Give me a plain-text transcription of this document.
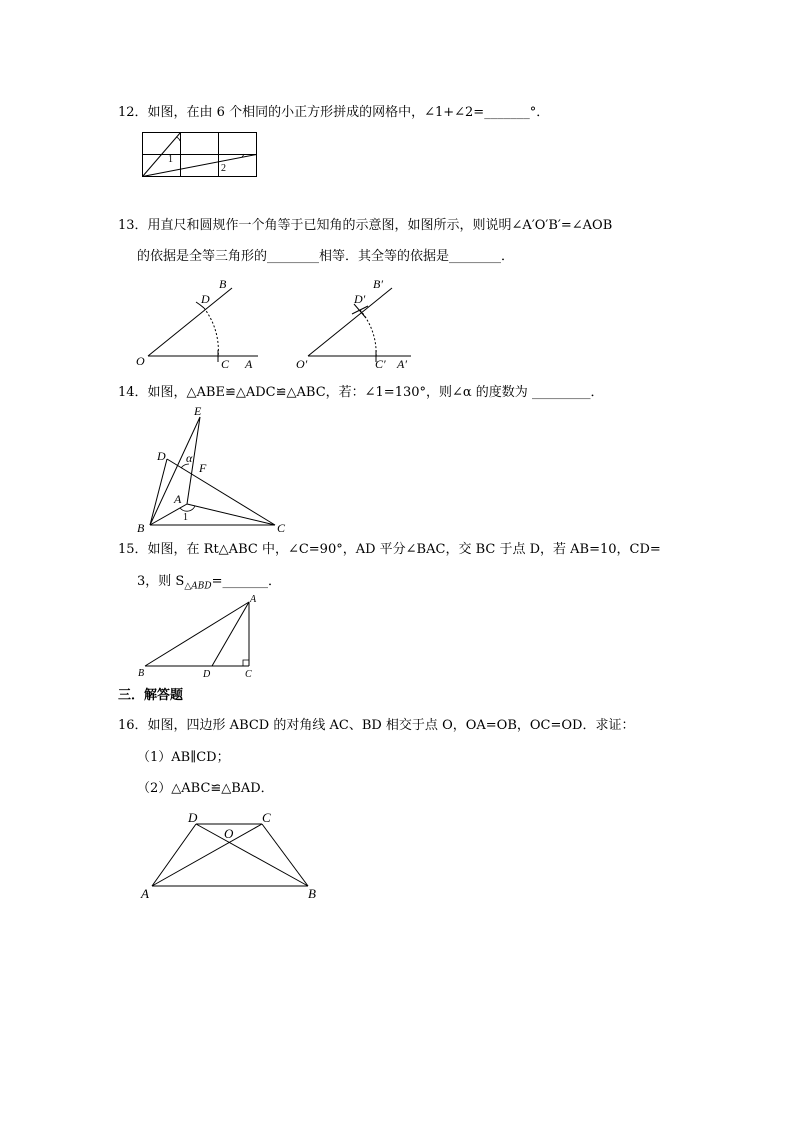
12．如图，在由 6 个相同的小正方形拼成的网格中，∠1+∠2=_______°．
1
2
13．用直尺和圆规作一个角等于已知角的示意图，如图所示，则说明∠A′O′B′=∠AOB
的依据是全等三角形的________相等．其全等的依据是________．
B
D
O	C A
B′
D′
O′	C′ A′
14．如图，△ABE≌△ADC≌△ABC，若：∠1=130°，则∠α 的度数为 _________．
E
D α
F
A
1
B	C
15．如图，在 Rt△ABC 中，∠C=90°，AD 平分∠BAC，交 BC 于点 D，若 AB=10，CD=
3，则 $S_{\triangle ABD}=\_\_\_\_\_\_\_$．
A
B	D	C
三．解答题
16．如图，四边形 ABCD 的对角线 AC、BD 相交于点 O，OA=OB，OC=OD．求证：
（1）AB∥CD；
（2）△ABC≌△BAD．
D	C
O
A	B
